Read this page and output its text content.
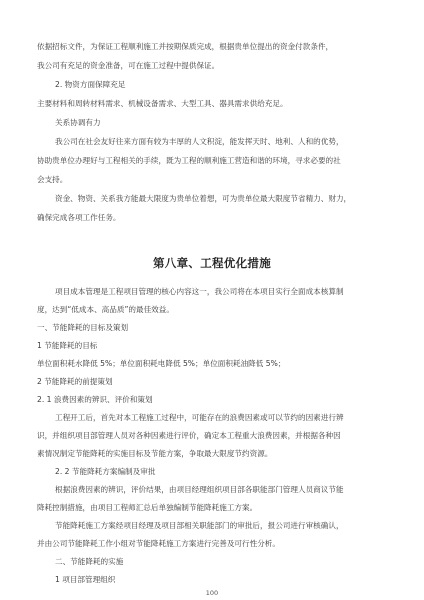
依据招标文件，为保证工程顺利施工并按期保质完成，根据贵单位提出的资金付款条件，
我公司有充足的资金准备，可在施工过程中提供保证。
2. 物资方面保障充足
主要材料和周转材料需求、机械设备需求、大型工具、器具需求供给充足。
关系协调有力
我公司在社会友好往来方面有较为丰厚的人文积淀，能发挥天时、地利、人和的优势，
协助贵单位办理好与工程相关的手续，既为工程的顺利施工营造和谐的环境，寻求必要的社
会支持。
资金、物资、关系我方能最大限度为贵单位着想，可为贵单位最大限度节省精力、财力，
确保完成各项工作任务。
第八章、工程优化措施
项目成本管理是工程项目管理的核心内容这一，我公司将在本项目实行全面成本核算制
度，达到“低成本、高品质”的最佳效益。
一、节能降耗的目标及策划
1 节能降耗的目标
单位面积耗水降低 5%；单位面积耗电降低 5%；单位面积耗油降低 5%；
2 节能降耗的前提策划
2. 1 浪费因素的辨识、评价和策划
工程开工后，首先对本工程施工过程中，可能存在的浪费因素或可以节约的因素进行辨
识，并组织项目部管理人员对各种因素进行评价，确定本工程重大浪费因素，并根据各种因
素情况制定节能降耗的实施目标及节能方案，争取最大限度节约资源。
2. 2 节能降耗方案编制及审批
根据浪费因素的辨识，评价结果，由项目经理组织项目部各职能部门管理人员商议节能
降耗控制措施，由项目工程师汇总后单独编制节能降耗施工方案。
节能降耗施工方案经项目经理及项目部相关职能部门的审批后，报公司进行审核确认，
并由公司节能降耗工作小组对节能降耗施工方案进行完善及可行性分析。
二、节能降耗的实施
1 项目部管理组织
100
